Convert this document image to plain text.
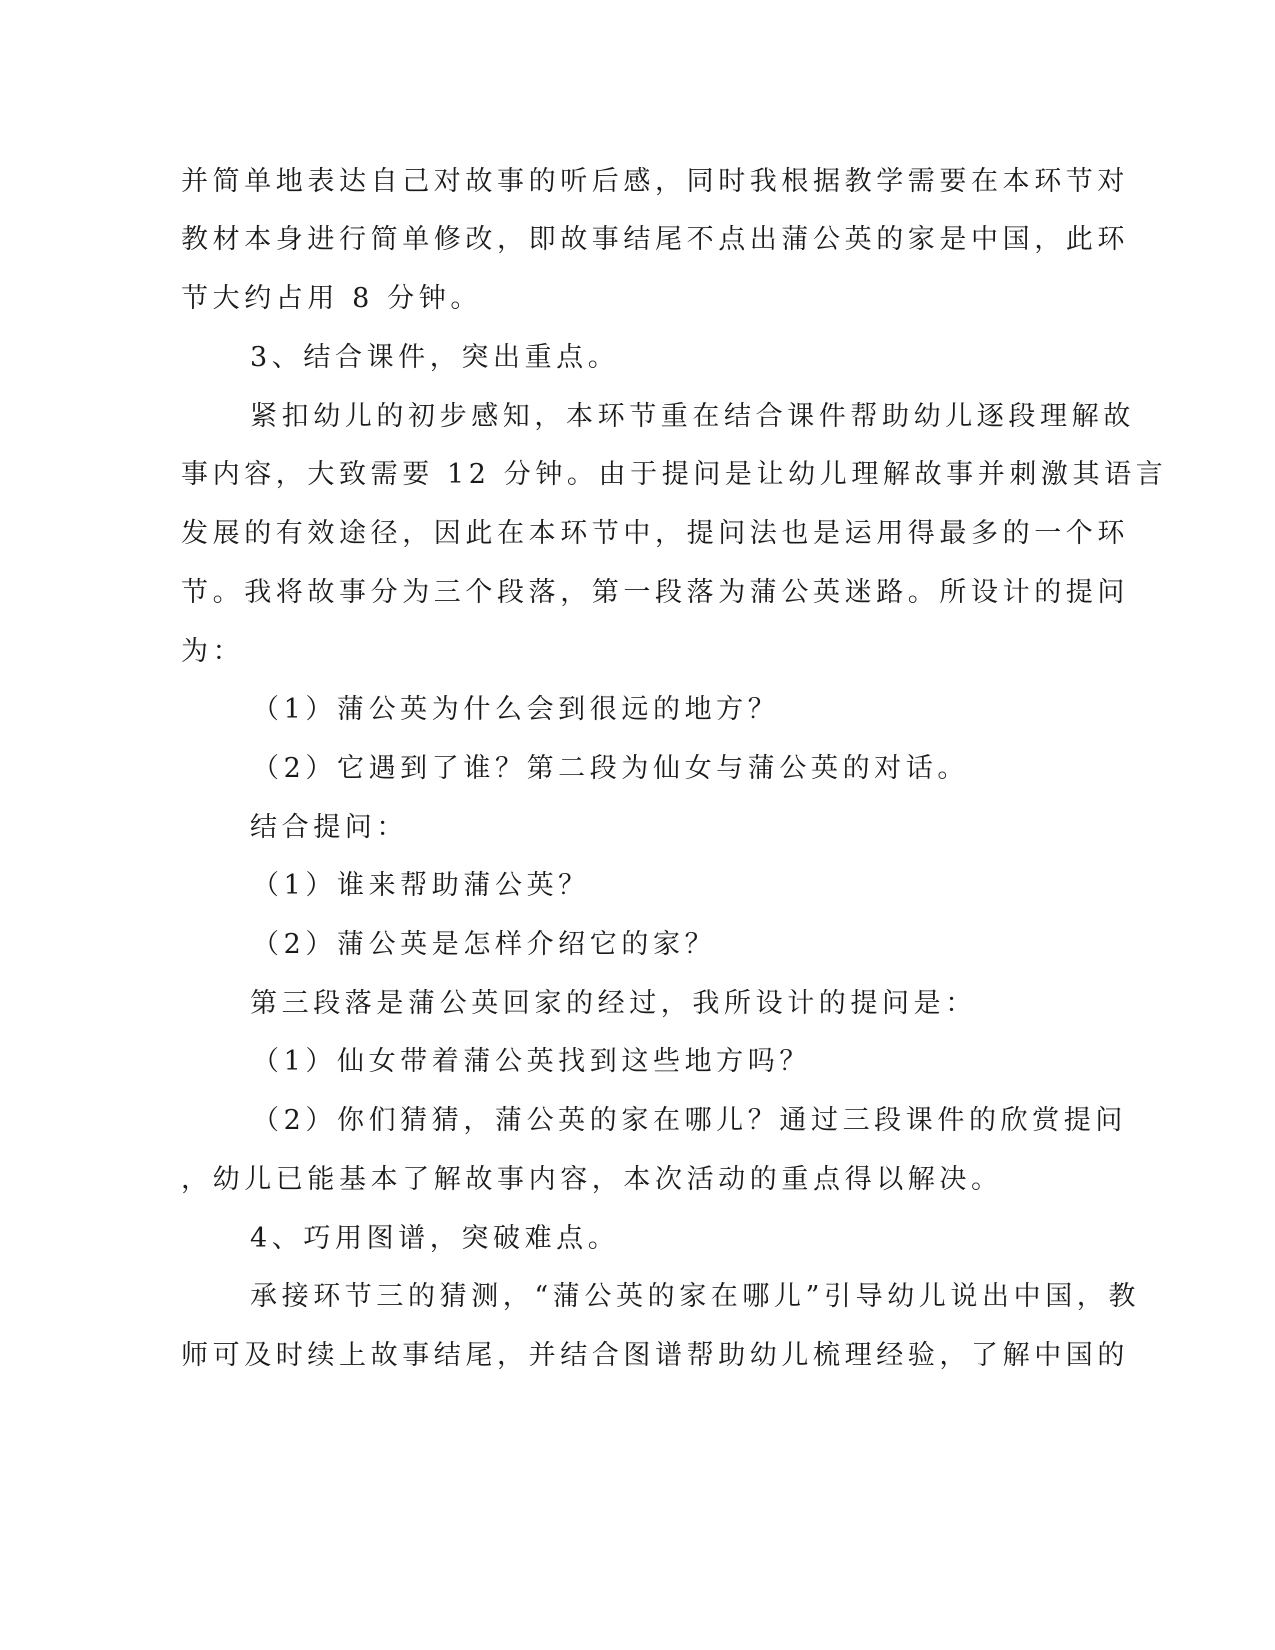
并简单地表达自己对故事的听后感，同时我根据教学需要在本环节对
教材本身进行简单修改，即故事结尾不点出蒲公英的家是中国，此环
节大约占用 8 分钟。
3、结合课件，突出重点。
紧扣幼儿的初步感知，本环节重在结合课件帮助幼儿逐段理解故
事内容，大致需要 12 分钟。由于提问是让幼儿理解故事并刺激其语言
发展的有效途径，因此在本环节中，提问法也是运用得最多的一个环
节。我将故事分为三个段落，第一段落为蒲公英迷路。所设计的提问
为：
（1）蒲公英为什么会到很远的地方？
（2）它遇到了谁？第二段为仙女与蒲公英的对话。
结合提问：
（1）谁来帮助蒲公英？
（2）蒲公英是怎样介绍它的家？
第三段落是蒲公英回家的经过，我所设计的提问是：
（1）仙女带着蒲公英找到这些地方吗？
（2）你们猜猜，蒲公英的家在哪儿？通过三段课件的欣赏提问
，幼儿已能基本了解故事内容，本次活动的重点得以解决。
4、巧用图谱，突破难点。
承接环节三的猜测，“蒲公英的家在哪儿”引导幼儿说出中国，教
师可及时续上故事结尾，并结合图谱帮助幼儿梳理经验，了解中国的
